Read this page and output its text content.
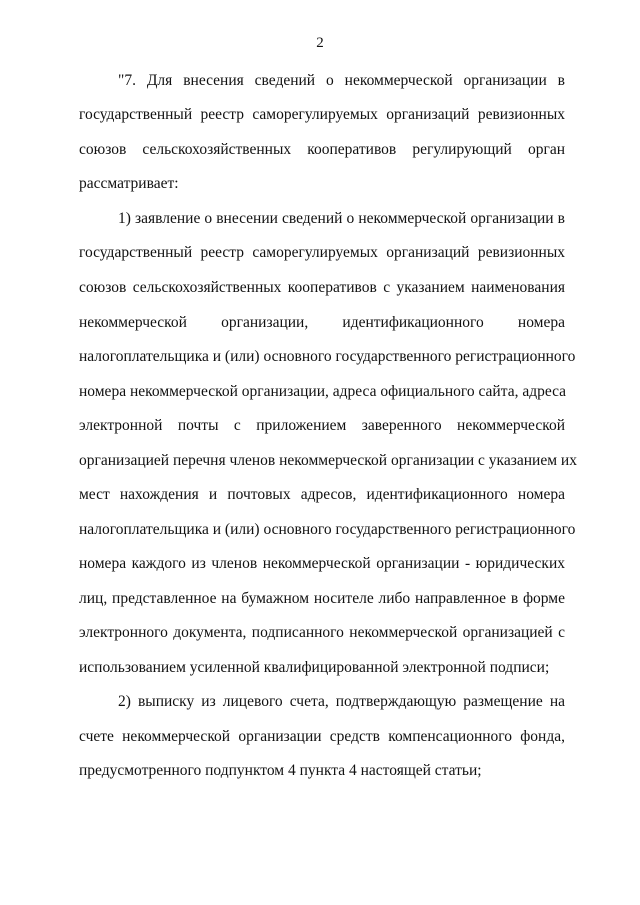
2
"7. Для внесения сведений о некоммерческой организации в
государственный реестр саморегулируемых организаций ревизионных
союзов сельскохозяйственных кооперативов регулирующий орган
рассматривает:
1) заявление о внесении сведений о некоммерческой организации в
государственный реестр саморегулируемых организаций ревизионных
союзов сельскохозяйственных кооперативов с указанием наименования
некоммерческой организации, идентификационного номера
налогоплательщика и (или) основного государственного регистрационного
номера некоммерческой организации, адреса официального сайта, адреса
электронной почты с приложением заверенного некоммерческой
организацией перечня членов некоммерческой организации с указанием их
мест нахождения и почтовых адресов, идентификационного номера
налогоплательщика и (или) основного государственного регистрационного
номера каждого из членов некоммерческой организации - юридических
лиц, представленное на бумажном носителе либо направленное в форме
электронного документа, подписанного некоммерческой организацией с
использованием усиленной квалифицированной электронной подписи;
2) выписку из лицевого счета, подтверждающую размещение на
счете некоммерческой организации средств компенсационного фонда,
предусмотренного подпунктом 4 пункта 4 настоящей статьи;
